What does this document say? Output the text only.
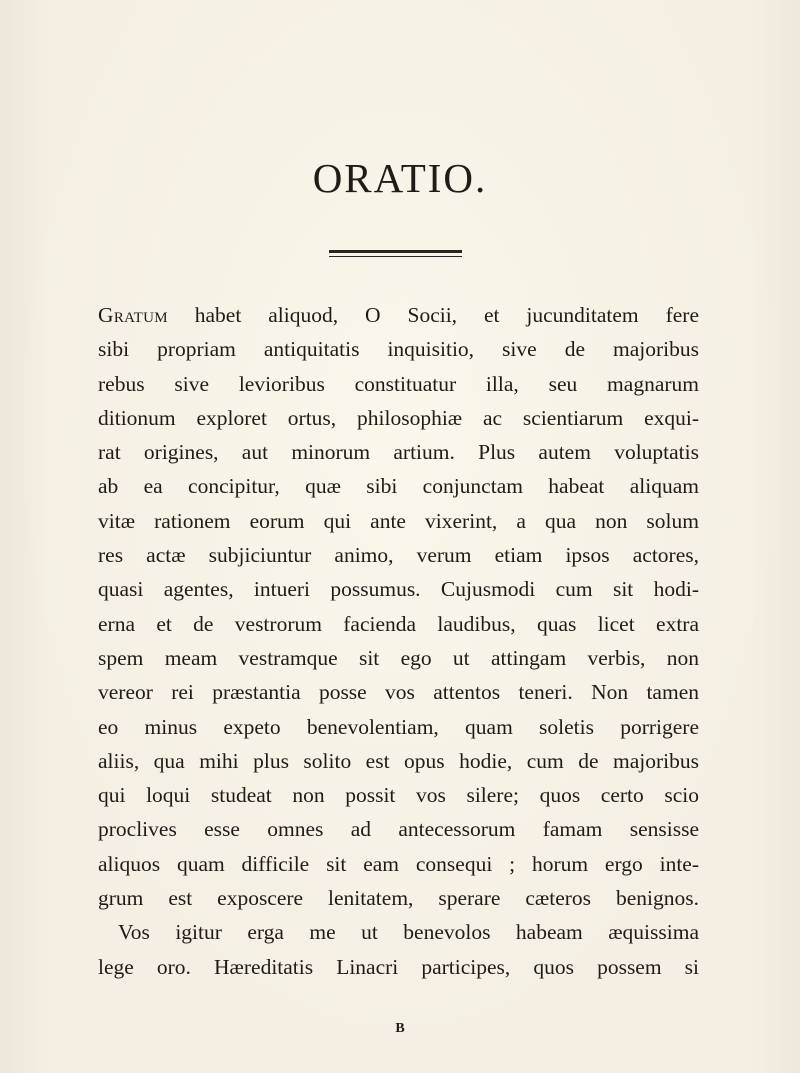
ORATIO.
Gratum habet aliquod, O Socii, et jucunditatem fere
sibi propriam antiquitatis inquisitio, sive de majoribus
rebus sive levioribus constituatur illa, seu magnarum
ditionum exploret ortus, philosophiæ ac scientiarum exqui-
rat origines, aut minorum artium. Plus autem voluptatis
ab ea concipitur, quæ sibi conjunctam habeat aliquam
vitæ rationem eorum qui ante vixerint, a qua non solum
res actæ subjiciuntur animo, verum etiam ipsos actores,
quasi agentes, intueri possumus. Cujusmodi cum sit hodi-
erna et de vestrorum facienda laudibus, quas licet extra
spem meam vestramque sit ego ut attingam verbis, non
vereor rei præstantia posse vos attentos teneri. Non tamen
eo minus expeto benevolentiam, quam soletis porrigere
aliis, qua mihi plus solito est opus hodie, cum de majoribus
qui loqui studeat non possit vos silere; quos certo scio
proclives esse omnes ad antecessorum famam sensisse
aliquos quam difficile sit eam consequi ; horum ergo inte-
grum est exposcere lenitatem, sperare cæteros benignos.
Vos igitur erga me ut benevolos habeam æquissima
lege oro. Hæreditatis Linacri participes, quos possem si
B
